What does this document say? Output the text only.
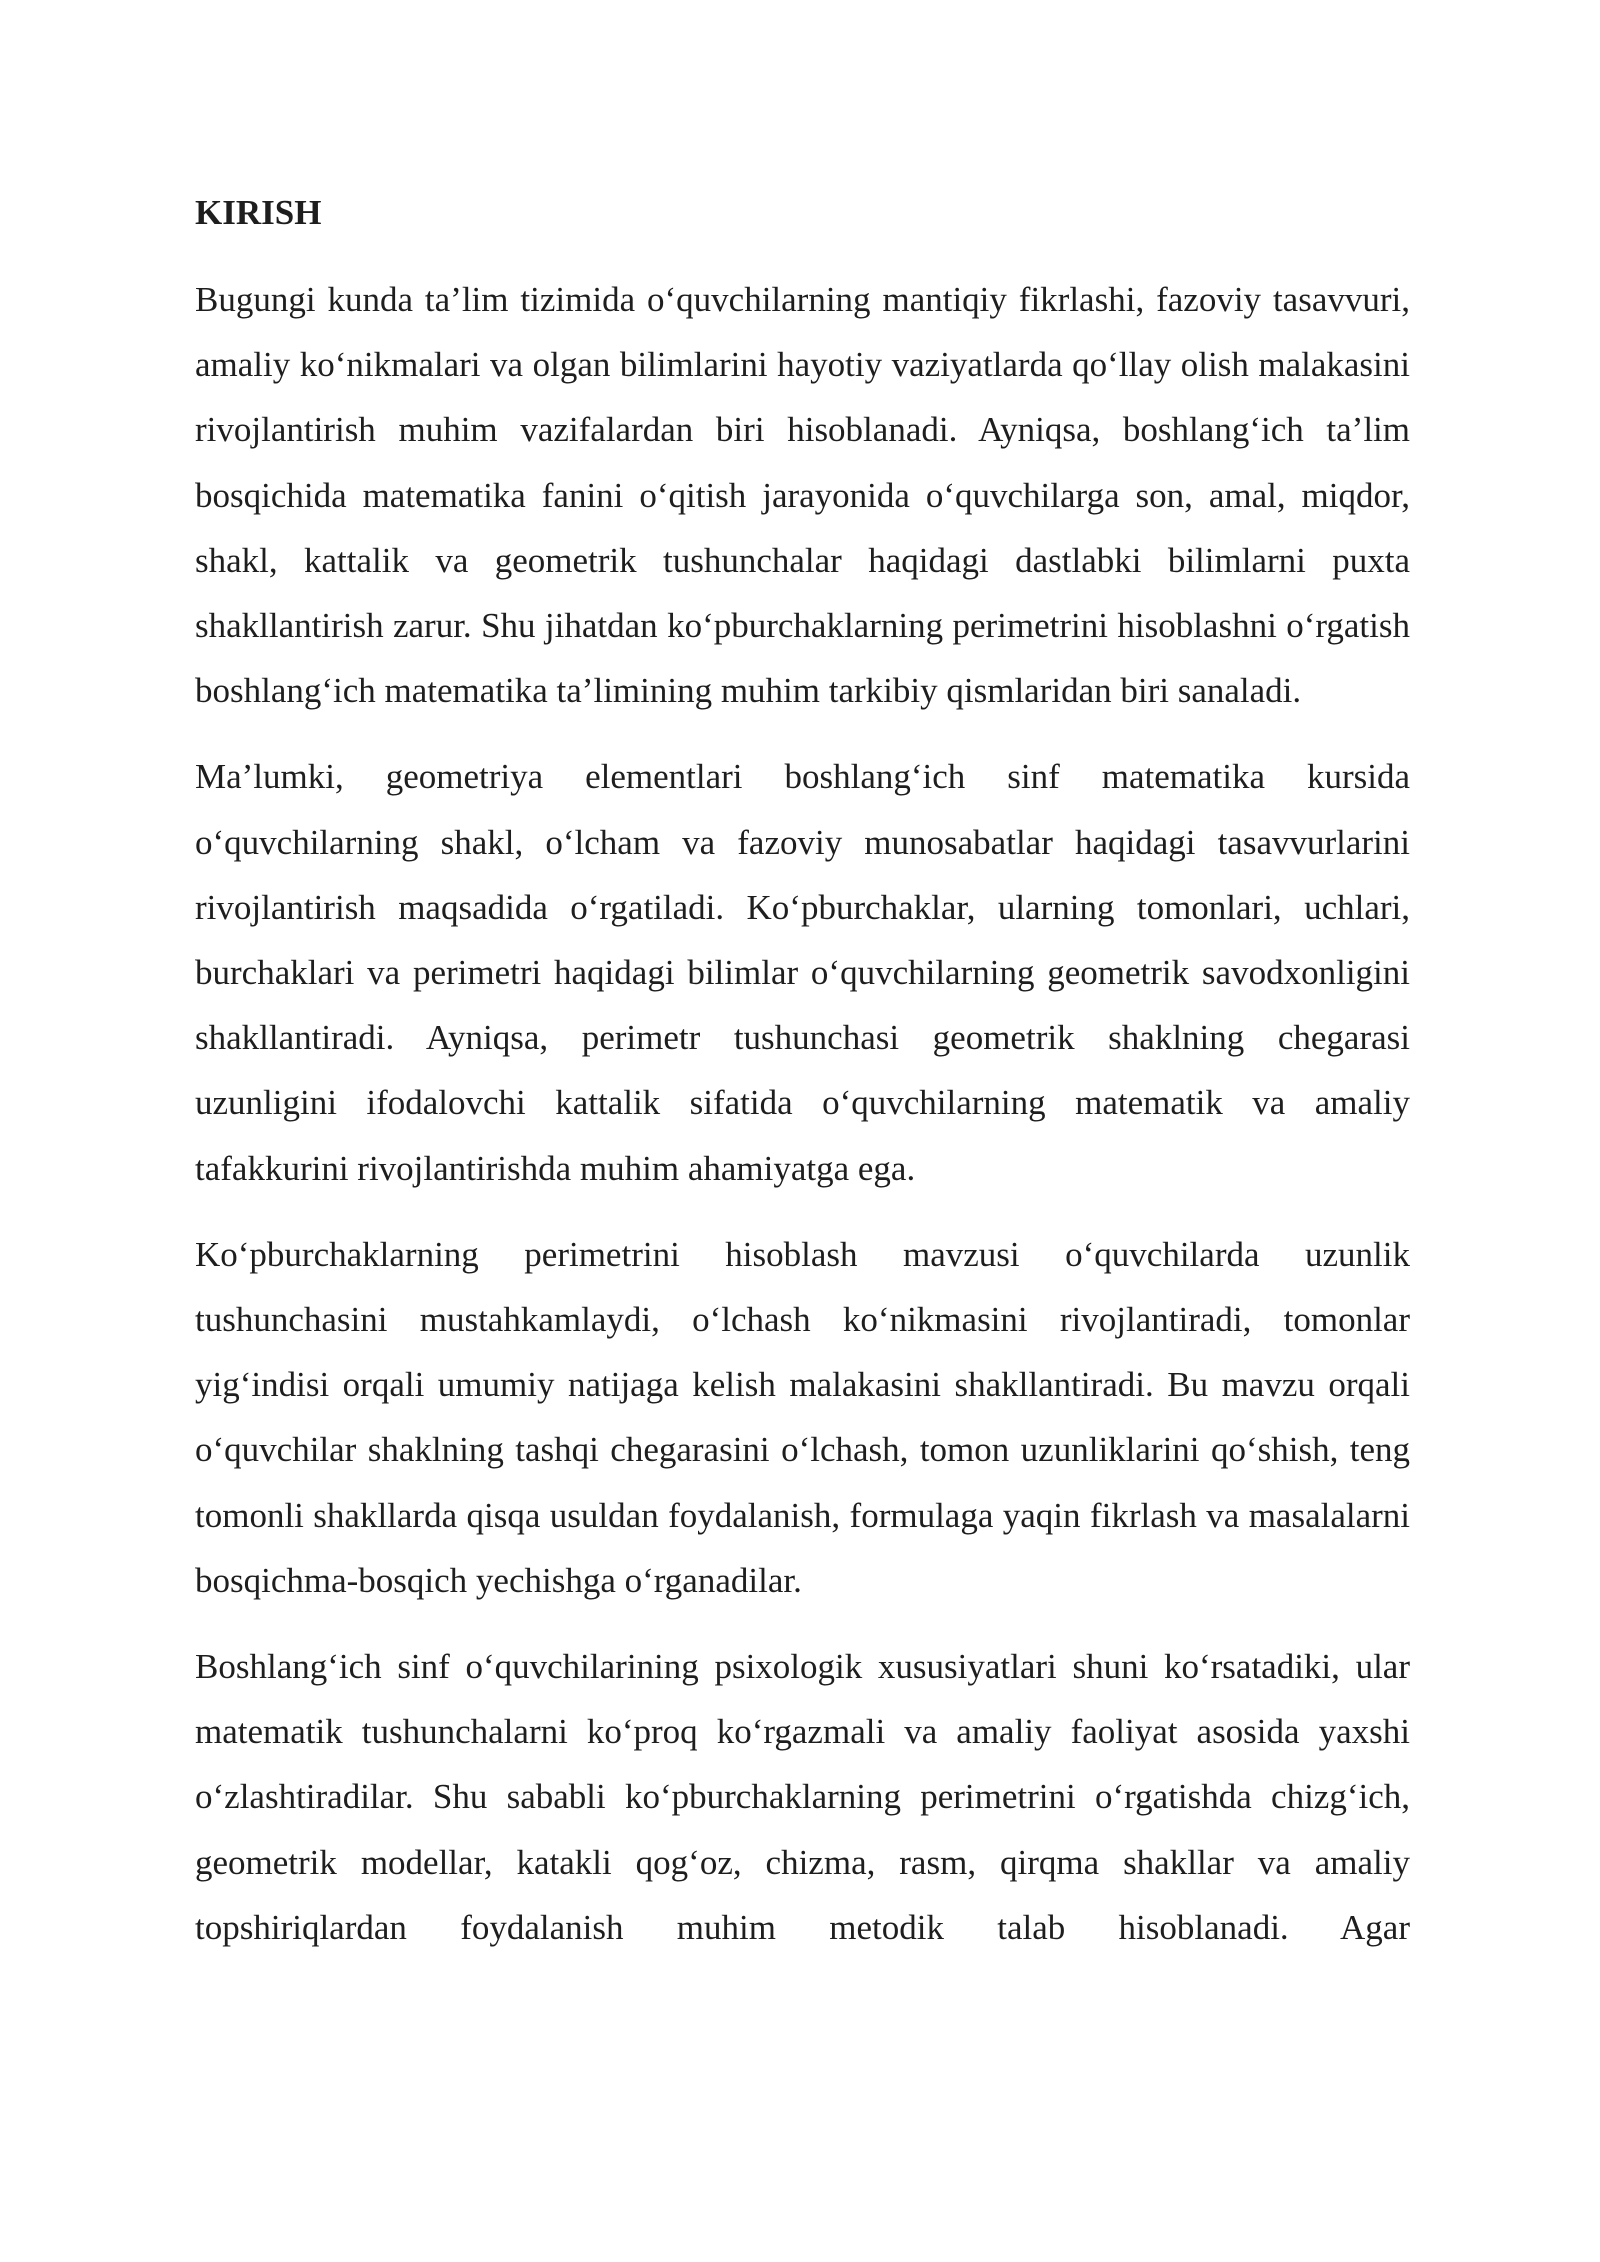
KIRISH

Bugungi kunda ta’lim tizimida o‘quvchilarning mantiqiy fikrlashi, fazoviy tasavvuri, amaliy ko‘nikmalari va olgan bilimlarini hayotiy vaziyatlarda qo‘llay olish malakasini rivojlantirish muhim vazifalardan biri hisoblanadi. Ayniqsa, boshlang‘ich ta’lim bosqichida matematika fanini o‘qitish jarayonida o‘quvchilarga son, amal, miqdor, shakl, kattalik va geometrik tushunchalar haqidagi dastlabki bilimlarni puxta shakllantirish zarur. Shu jihatdan ko‘pburchaklarning perimetrini hisoblashni o‘rgatish boshlang‘ich matematika ta’limining muhim tarkibiy qismlaridan biri sanaladi.

Ma’lumki, geometriya elementlari boshlang‘ich sinf matematika kursida o‘quvchilarning shakl, o‘lcham va fazoviy munosabatlar haqidagi tasavvurlarini rivojlantirish maqsadida o‘rgatiladi. Ko‘pburchaklar, ularning tomonlari, uchlari, burchaklari va perimetri haqidagi bilimlar o‘quvchilarning geometrik savodxonligini shakllantiradi. Ayniqsa, perimetr tushunchasi geometrik shaklning chegarasi uzunligini ifodalovchi kattalik sifatida o‘quvchilarning matematik va amaliy tafakkurini rivojlantirishda muhim ahamiyatga ega.

Ko‘pburchaklarning perimetrini hisoblash mavzusi o‘quvchilarda uzunlik tushunchasini mustahkamlaydi, o‘lchash ko‘nikmasini rivojlantiradi, tomonlar yig‘indisi orqali umumiy natijaga kelish malakasini shakllantiradi. Bu mavzu orqali o‘quvchilar shaklning tashqi chegarasini o‘lchash, tomon uzunliklarini qo‘shish, teng tomonli shakllarda qisqa usuldan foydalanish, formulaga yaqin fikrlash va masalalarni bosqichma-bosqich yechishga o‘rganadilar.

Boshlang‘ich sinf o‘quvchilarining psixologik xususiyatlari shuni ko‘rsatadiki, ular matematik tushunchalarni ko‘proq ko‘rgazmali va amaliy faoliyat asosida yaxshi o‘zlashtiradilar. Shu sababli ko‘pburchaklarning perimetrini o‘rgatishda chizg‘ich, geometrik modellar, katakli qog‘oz, chizma, rasm, qirqma shakllar va amaliy topshiriqlardan foydalanish muhim metodik talab hisoblanadi. Agar
